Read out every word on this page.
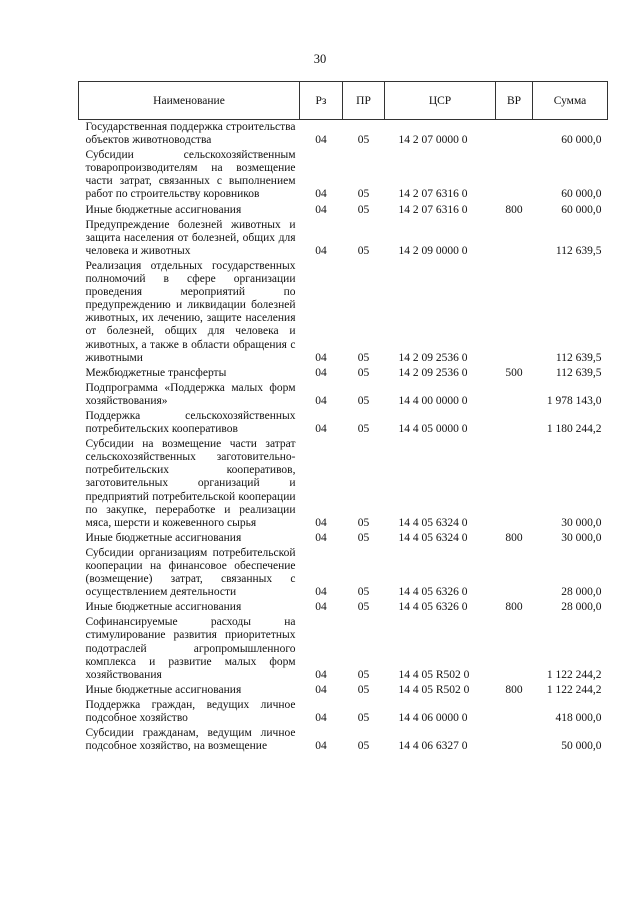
30
Наименование	Рз	ПР	ЦСР	ВР	Сумма
Государственная поддержка строительства объектов животноводства	04	05	14 2 07 0000 0		60 000,0
Субсидии сельскохозяйственным товаропроизводителям на возмещение части затрат, связанных с выполнением работ по строительству коровников	04	05	14 2 07 6316 0		60 000,0
Иные бюджетные ассигнования	04	05	14 2 07 6316 0	800	60 000,0
Предупреждение болезней животных и защита населения от болезней, общих для человека и животных	04	05	14 2 09 0000 0		112 639,5
Реализация отдельных государственных полномочий в сфере организации проведения мероприятий по предупреждению и ликвидации болезней животных, их лечению, защите населения от болезней, общих для человека и животных, а также в области обращения с животными	04	05	14 2 09 2536 0		112 639,5
Межбюджетные трансферты	04	05	14 2 09 2536 0	500	112 639,5
Подпрограмма «Поддержка малых форм хозяйствования»	04	05	14 4 00 0000 0		1 978 143,0
Поддержка сельскохозяйственных потребительских кооперативов	04	05	14 4 05 0000 0		1 180 244,2
Субсидии на возмещение части затрат сельскохозяйственных заготовительно-потребительских кооперативов, заготовительных организаций и предприятий потребительской кооперации по закупке, переработке и реализации мяса, шерсти и кожевенного сырья	04	05	14 4 05 6324 0		30 000,0
Иные бюджетные ассигнования	04	05	14 4 05 6324 0	800	30 000,0
Субсидии организациям потребительской кооперации на финансовое обеспечение (возмещение) затрат, связанных с осуществлением деятельности	04	05	14 4 05 6326 0		28 000,0
Иные бюджетные ассигнования	04	05	14 4 05 6326 0	800	28 000,0
Софинансируемые расходы на стимулирование развития приоритетных подотраслей агропромышленного комплекса и развитие малых форм хозяйствования	04	05	14 4 05 R502 0		1 122 244,2
Иные бюджетные ассигнования	04	05	14 4 05 R502 0	800	1 122 244,2
Поддержка граждан, ведущих личное подсобное хозяйство	04	05	14 4 06 0000 0		418 000,0
Субсидии гражданам, ведущим личное подсобное хозяйство, на возмещение	04	05	14 4 06 6327 0		50 000,0
